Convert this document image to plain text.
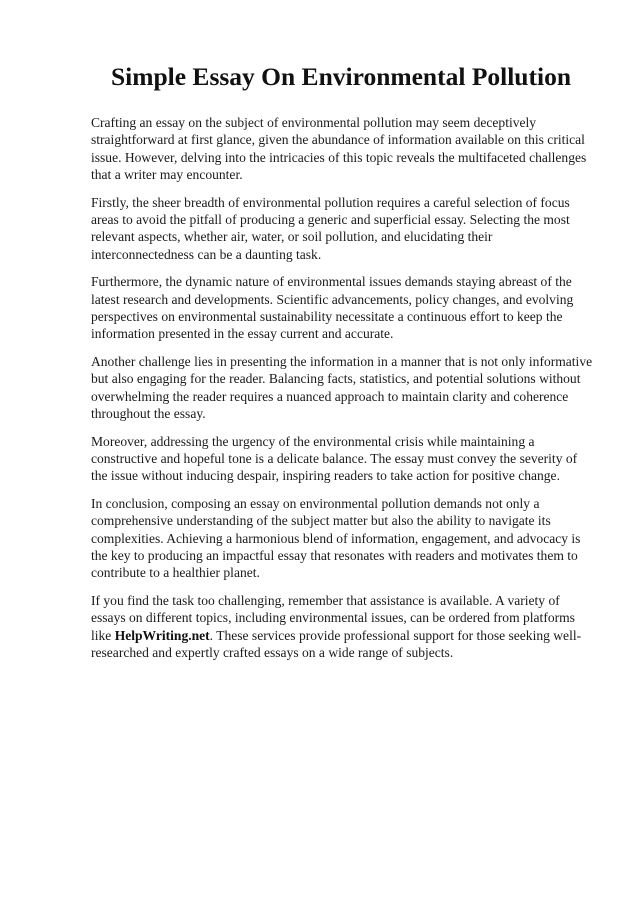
Simple Essay On Environmental Pollution

Crafting an essay on the subject of environmental pollution may seem deceptively straightforward at first glance, given the abundance of information available on this critical issue. However, delving into the intricacies of this topic reveals the multifaceted challenges that a writer may encounter.

Firstly, the sheer breadth of environmental pollution requires a careful selection of focus areas to avoid the pitfall of producing a generic and superficial essay. Selecting the most relevant aspects, whether air, water, or soil pollution, and elucidating their interconnectedness can be a daunting task.

Furthermore, the dynamic nature of environmental issues demands staying abreast of the latest research and developments. Scientific advancements, policy changes, and evolving perspectives on environmental sustainability necessitate a continuous effort to keep the information presented in the essay current and accurate.

Another challenge lies in presenting the information in a manner that is not only informative but also engaging for the reader. Balancing facts, statistics, and potential solutions without overwhelming the reader requires a nuanced approach to maintain clarity and coherence throughout the essay.

Moreover, addressing the urgency of the environmental crisis while maintaining a constructive and hopeful tone is a delicate balance. The essay must convey the severity of the issue without inducing despair, inspiring readers to take action for positive change.

In conclusion, composing an essay on environmental pollution demands not only a comprehensive understanding of the subject matter but also the ability to navigate its complexities. Achieving a harmonious blend of information, engagement, and advocacy is the key to producing an impactful essay that resonates with readers and motivates them to contribute to a healthier planet.

If you find the task too challenging, remember that assistance is available. A variety of essays on different topics, including environmental issues, can be ordered from platforms like HelpWriting.net. These services provide professional support for those seeking well-researched and expertly crafted essays on a wide range of subjects.
